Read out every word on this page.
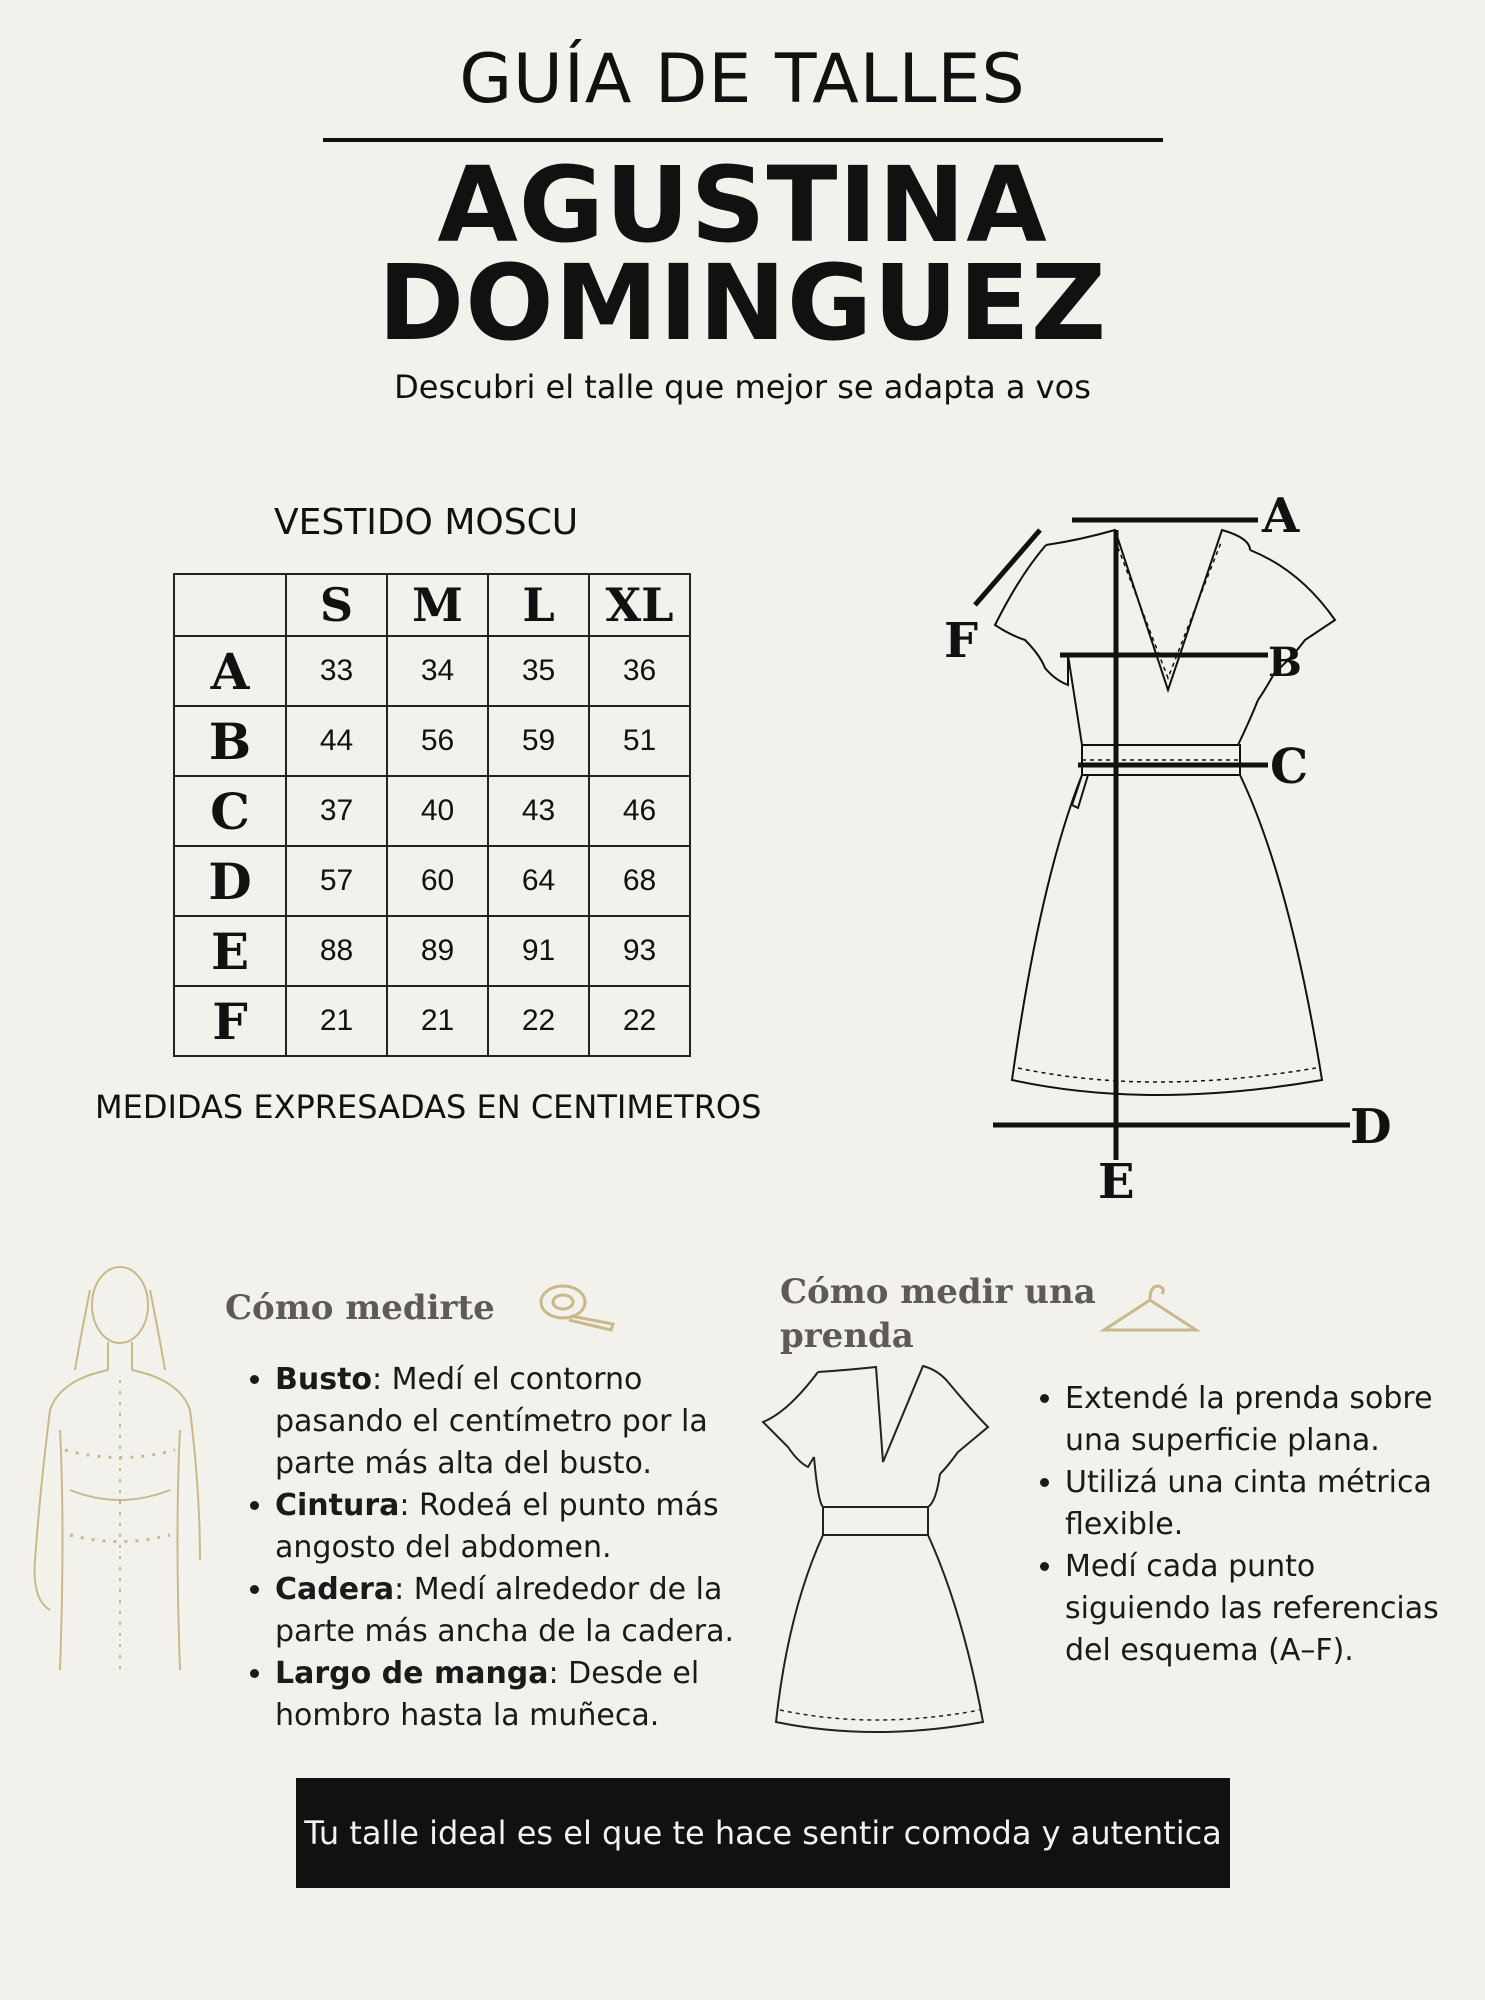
GUÍA DE TALLES
AGUSTINA
DOMINGUEZ
Descubri el talle que mejor se adapta a vos
VESTIDO MOSCU
	S	M	L	XL
A	33	34	35	36
B	44	56	59	51
C	37	40	43	46
D	57	60	64	68
E	88	89	91	93
F	21	21	22	22
MEDIDAS EXPRESADAS EN CENTIMETROS
A
B
C
D
E
F
Cómo medirte
• Busto: Medí el contorno pasando el centímetro por la parte más alta del busto.
• Cintura: Rodeá el punto más angosto del abdomen.
• Cadera: Medí alrededor de la parte más ancha de la cadera.
• Largo de manga: Desde el hombro hasta la muñeca.
Cómo medir una
prenda
• Extendé la prenda sobre una superficie plana.
• Utilizá una cinta métrica flexible.
• Medí cada punto siguiendo las referencias del esquema (A–F).
Tu talle ideal es el que te hace sentir comoda y autentica
